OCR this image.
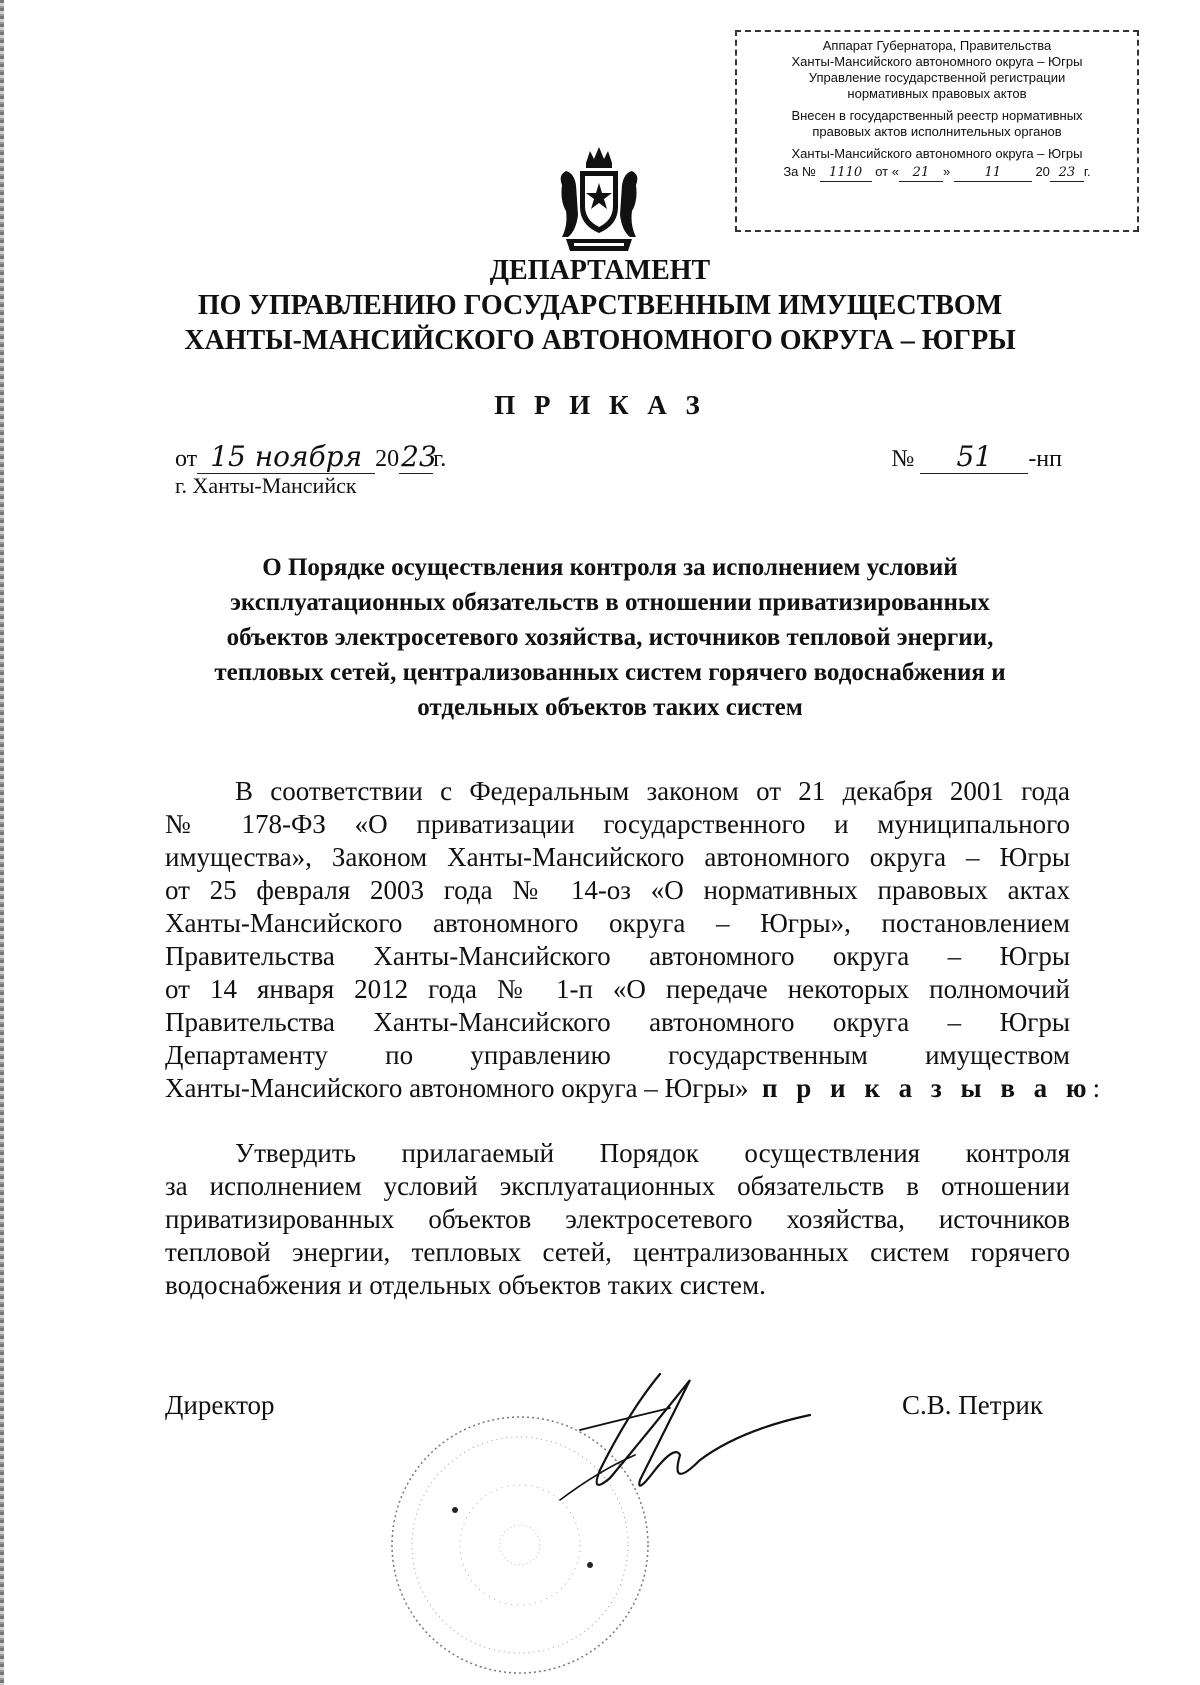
Аппарат Губернатора, Правительства
Ханты-Мансийского автономного округа – Югры
Управление государственной регистрации
нормативных правовых актов
Внесен в государственный реестр нормативных
правовых актов исполнительных органов
Ханты-Мансийского автономного округа – Югры
За № 1110 от « 21 »	11	20 23 г.
ДЕПАРТАМЕНТ
ПО УПРАВЛЕНИЮ ГОСУДАРСТВЕННЫМ ИМУЩЕСТВОМ
ХАНТЫ-МАНСИЙСКОГО АВТОНОМНОГО ОКРУГА – ЮГРЫ
П Р И К А З
от 15 ноября 2023г.
г. Ханты-Мансийск
№ 51 -нп
О Порядке осуществления контроля за исполнением условий
эксплуатационных обязательств в отношении приватизированных
объектов электросетевого хозяйства, источников тепловой энергии,
тепловых сетей, централизованных систем горячего водоснабжения и
отдельных объектов таких систем
В соответствии с Федеральным законом от 21 декабря 2001 года
№ 178-ФЗ «О приватизации государственного и муниципального
имущества», Законом Ханты-Мансийского автономного округа – Югры
от 25 февраля 2003 года № 14-оз «О нормативных правовых актах
Ханты-Мансийского автономного округа – Югры», постановлением
Правительства Ханты-Мансийского автономного округа – Югры
от 14 января 2012 года № 1-п «О передаче некоторых полномочий
Правительства Ханты-Мансийского автономного округа – Югры
Департаменту по управлению государственным имуществом
Ханты-Мансийского автономного округа – Югры» п р и к а з ы в а ю:
Утвердить прилагаемый Порядок осуществления контроля
за исполнением условий эксплуатационных обязательств в отношении
приватизированных объектов электросетевого хозяйства, источников
тепловой энергии, тепловых сетей, централизованных систем горячего
водоснабжения и отдельных объектов таких систем.
Директор	С.В. Петрик
